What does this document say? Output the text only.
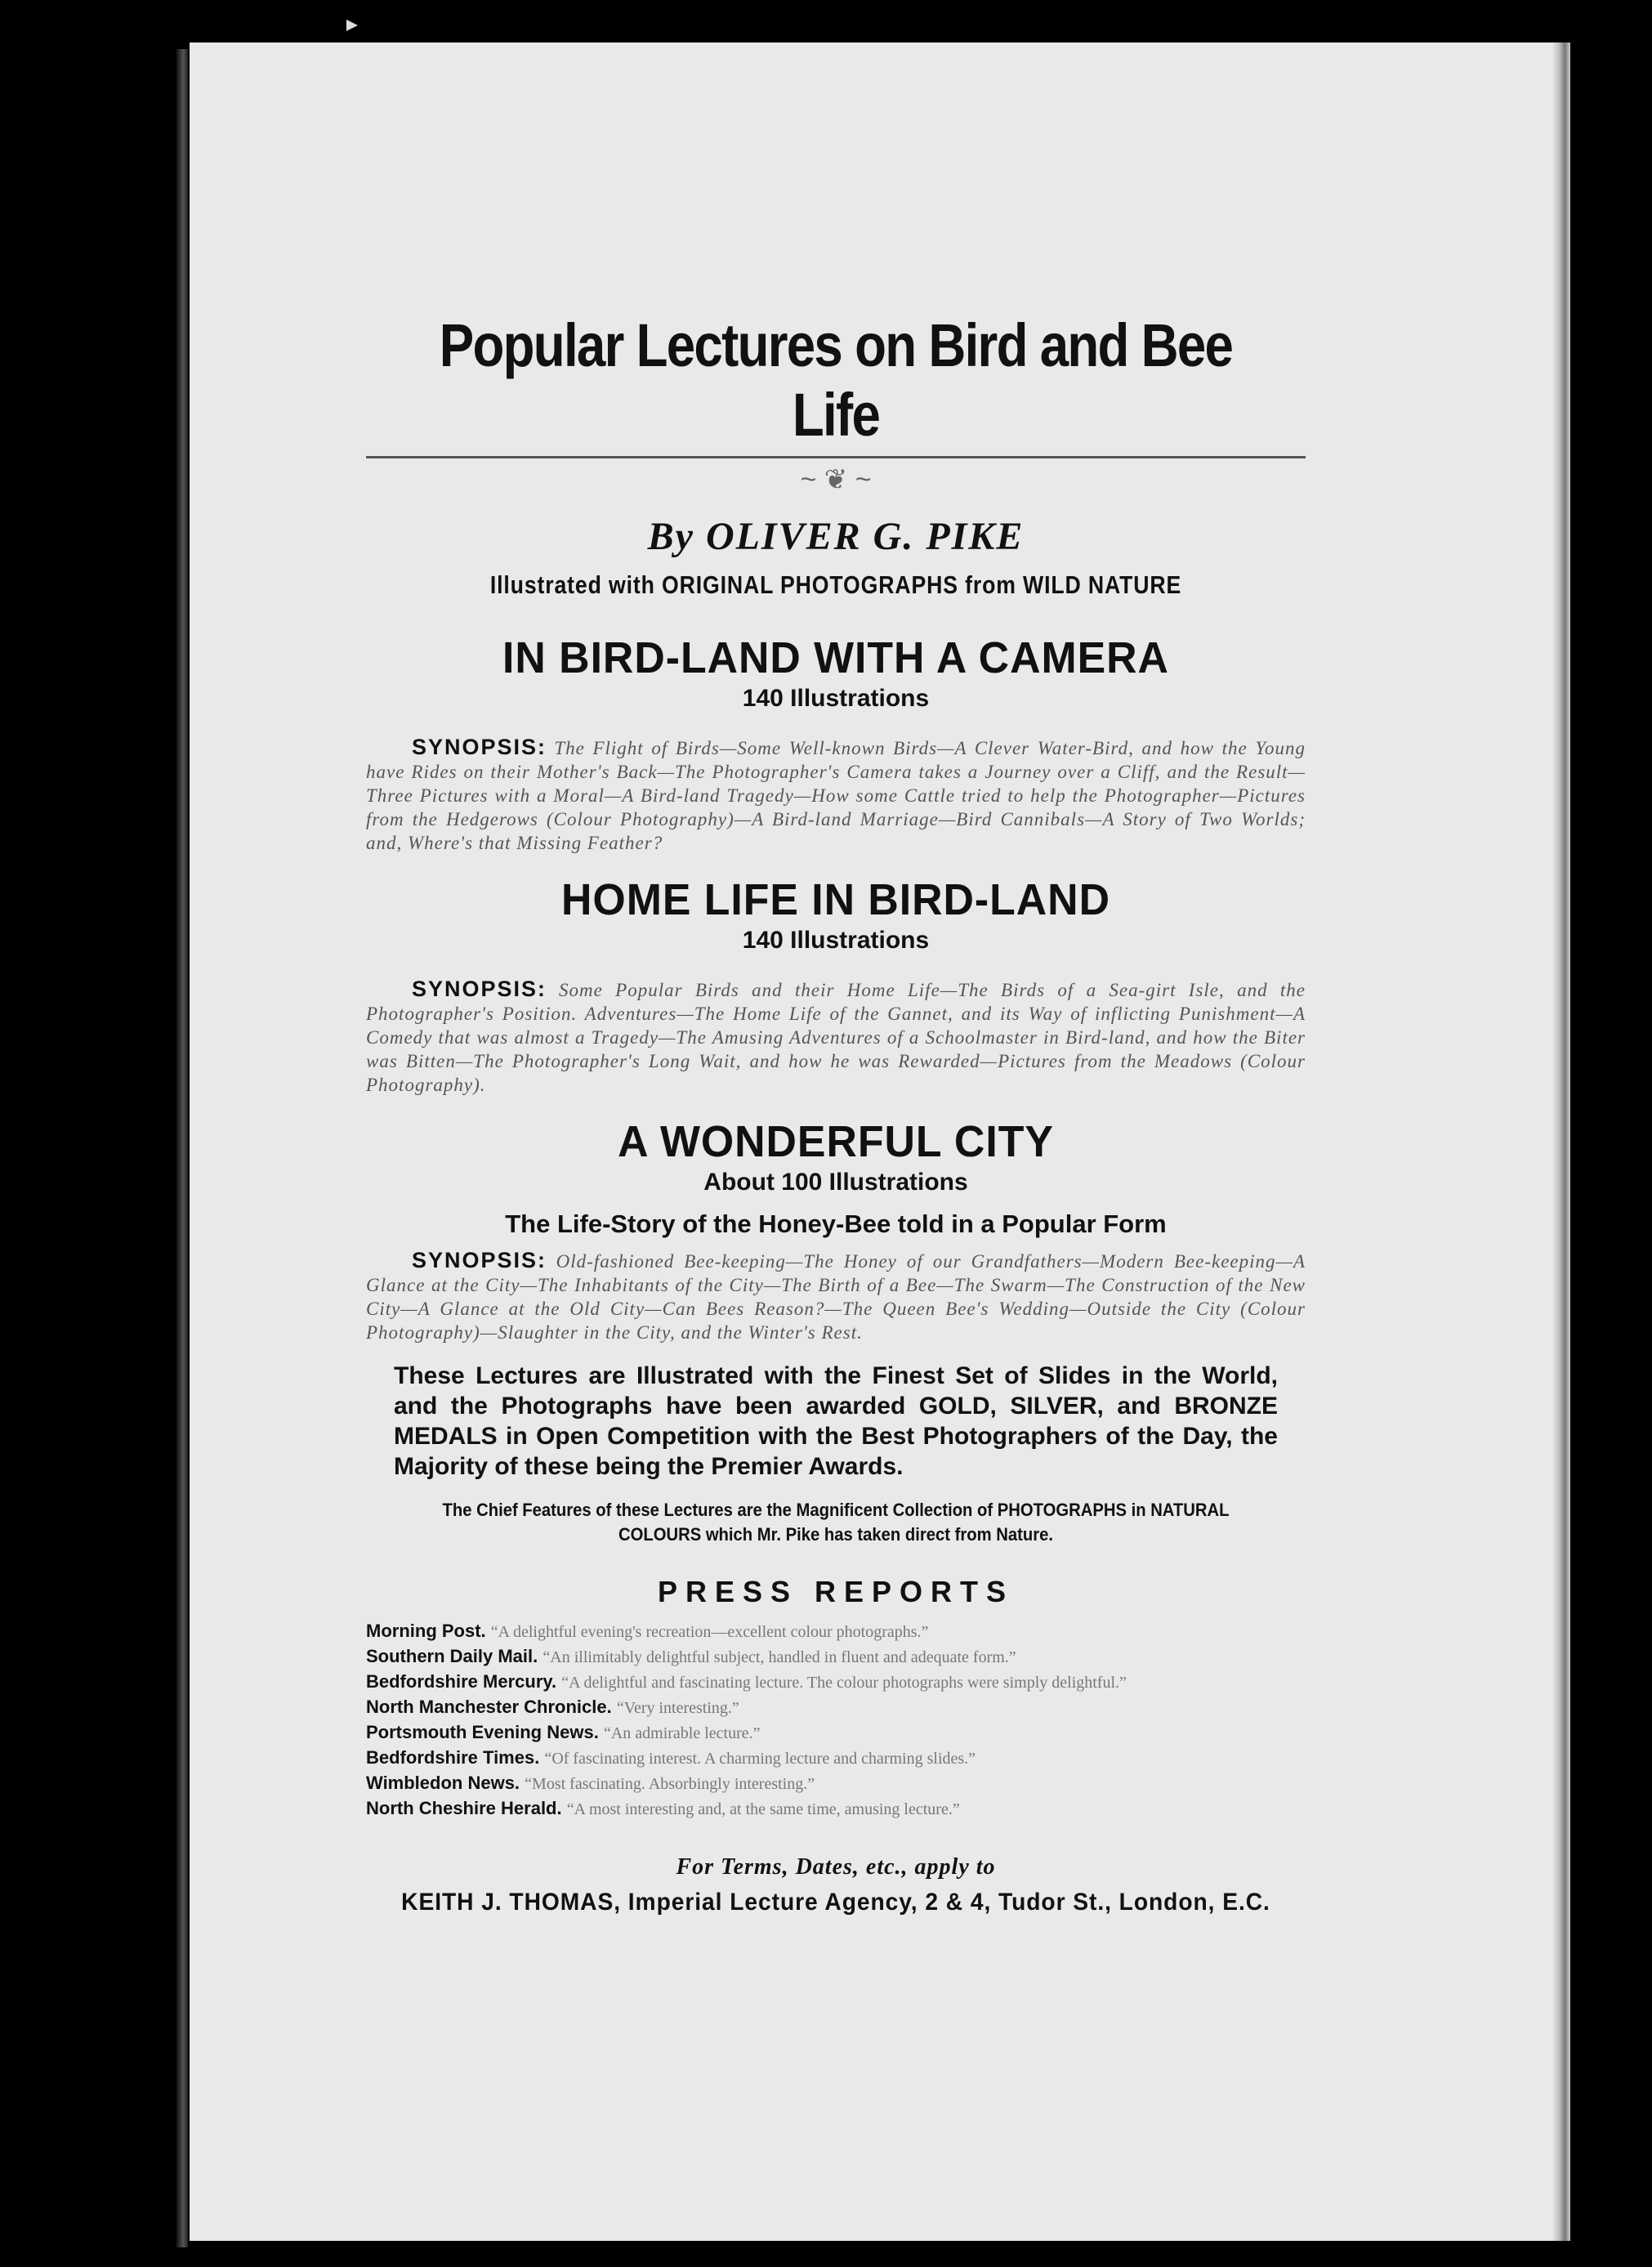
Popular Lectures on Bird and Bee Life
~ ❦ ~
By OLIVER G. PIKE
Illustrated with ORIGINAL PHOTOGRAPHS from WILD NATURE
IN BIRD-LAND WITH A CAMERA
140 Illustrations
SYNOPSIS: The Flight of Birds—Some Well-known Birds—A Clever Water-Bird, and how the Young have Rides on their Mother's Back—The Photographer's Camera takes a Journey over a Cliff, and the Result—Three Pictures with a Moral—A Bird-land Tragedy—How some Cattle tried to help the Photographer—Pictures from the Hedgerows (Colour Photography)—A Bird-land Marriage—Bird Cannibals—A Story of Two Worlds; and, Where's that Missing Feather?
HOME LIFE IN BIRD-LAND
140 Illustrations
SYNOPSIS: Some Popular Birds and their Home Life—The Birds of a Sea-girt Isle, and the Photographer's Position. Adventures—The Home Life of the Gannet, and its Way of inflicting Punishment—A Comedy that was almost a Tragedy—The Amusing Adventures of a Schoolmaster in Bird-land, and how the Biter was Bitten—The Photographer's Long Wait, and how he was Rewarded—Pictures from the Meadows (Colour Photography).
A WONDERFUL CITY
About 100 Illustrations
The Life-Story of the Honey-Bee told in a Popular Form
SYNOPSIS: Old-fashioned Bee-keeping—The Honey of our Grandfathers—Modern Bee-keeping—A Glance at the City—The Inhabitants of the City—The Birth of a Bee—The Swarm—The Construction of the New City—A Glance at the Old City—Can Bees Reason?—The Queen Bee's Wedding—Outside the City (Colour Photography)—Slaughter in the City, and the Winter's Rest.
These Lectures are Illustrated with the Finest Set of Slides in the World, and the Photographs have been awarded GOLD, SILVER, and BRONZE MEDALS in Open Competition with the Best Photographers of the Day, the Majority of these being the Premier Awards.
The Chief Features of these Lectures are the Magnificent Collection of PHOTOGRAPHS in NATURAL COLOURS which Mr. Pike has taken direct from Nature.
PRESS REPORTS
Morning Post. “A delightful evening's recreation—excellent colour photographs.”
Southern Daily Mail. “An illimitably delightful subject, handled in fluent and adequate form.”
Bedfordshire Mercury. “A delightful and fascinating lecture. The colour photographs were simply delightful.”
North Manchester Chronicle. “Very interesting.”
Portsmouth Evening News. “An admirable lecture.”
Bedfordshire Times. “Of fascinating interest. A charming lecture and charming slides.”
Wimbledon News. “Most fascinating. Absorbingly interesting.”
North Cheshire Herald. “A most interesting and, at the same time, amusing lecture.”
For Terms, Dates, etc., apply to
KEITH J. THOMAS, Imperial Lecture Agency, 2 & 4, Tudor St., London, E.C.
